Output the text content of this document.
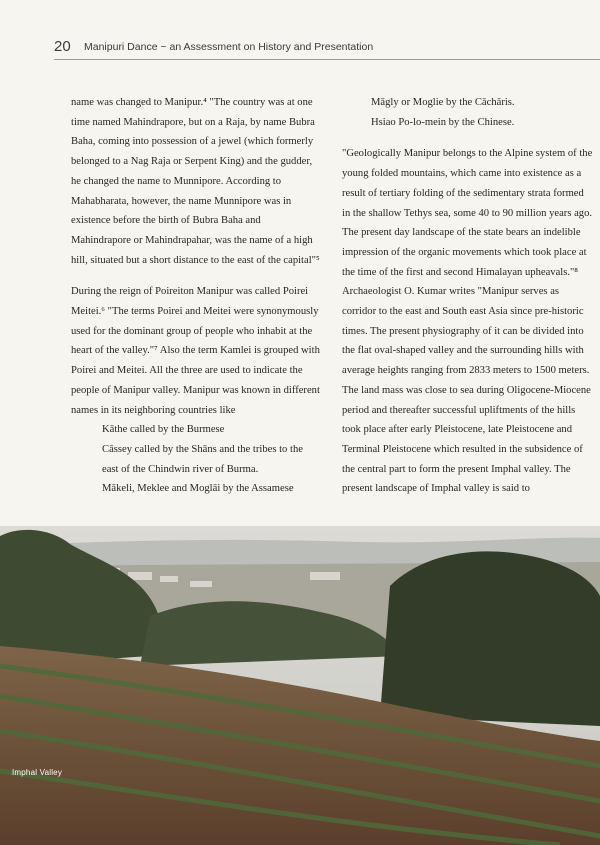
20 Manipuri Dance ~ an Assessment on History and Presentation

name was changed to Manipur.⁴ "The country was at one time named Mahindrapore, but on a Raja, by name Bubra Baha, coming into possession of a jewel (which formerly belonged to a Nag Raja or Serpent King) and the gudder, he changed the name to Munnipore. According to Mahabharata, however, the name Munnipore was in existence before the birth of Bubra Baha and Mahindrapore or Mahindrapahar, was the name of a high hill, situated but a short distance to the east of the capital"⁵

During the reign of Poireiton Manipur was called Poirei Meitei.⁶ "The terms Poirei and Meitei were synonymously used for the dominant group of people who inhabit at the heart of the valley."⁷ Also the term Kamlei is grouped with Poirei and Meitei. All the three are used to indicate the people of Manipur valley. Manipur was known in different names in its neighboring countries like

Kāthe called by the Burmese

Cāssey called by the Shāns and the tribes to the east of the Chindwin river of Burma.

Mākeli, Meklee and Moglāi by the Assamese

Māgly or Moglie by the Cāchāris.

Hsiao Po-lo-mein by the Chinese.

"Geologically Manipur belongs to the Alpine system of the young folded mountains, which came into existence as a result of tertiary folding of the sedimentary strata formed in the shallow Tethys sea, some 40 to 90 million years ago.

The present day landscape of the state bears an indelible impression of the organic movements which took place at the time of the first and second Himalayan upheavals."⁸ Archaeologist O. Kumar writes "Manipur serves as corridor to the east and South east Asia since pre-historic times. The present physiography of it can be divided into the flat oval-shaped valley and the surrounding hills with average heights ranging from 2833 meters to 1500 meters. The land mass was close to sea during Oligocene-Miocene period and thereafter successful upliftments of the hills took place after early Pleistocene, late Pleistocene and Terminal Pleistocene which resulted in the subsidence of the central part to form the present Imphal valley. The present landscape of Imphal valley is said to

Imphal Valley
